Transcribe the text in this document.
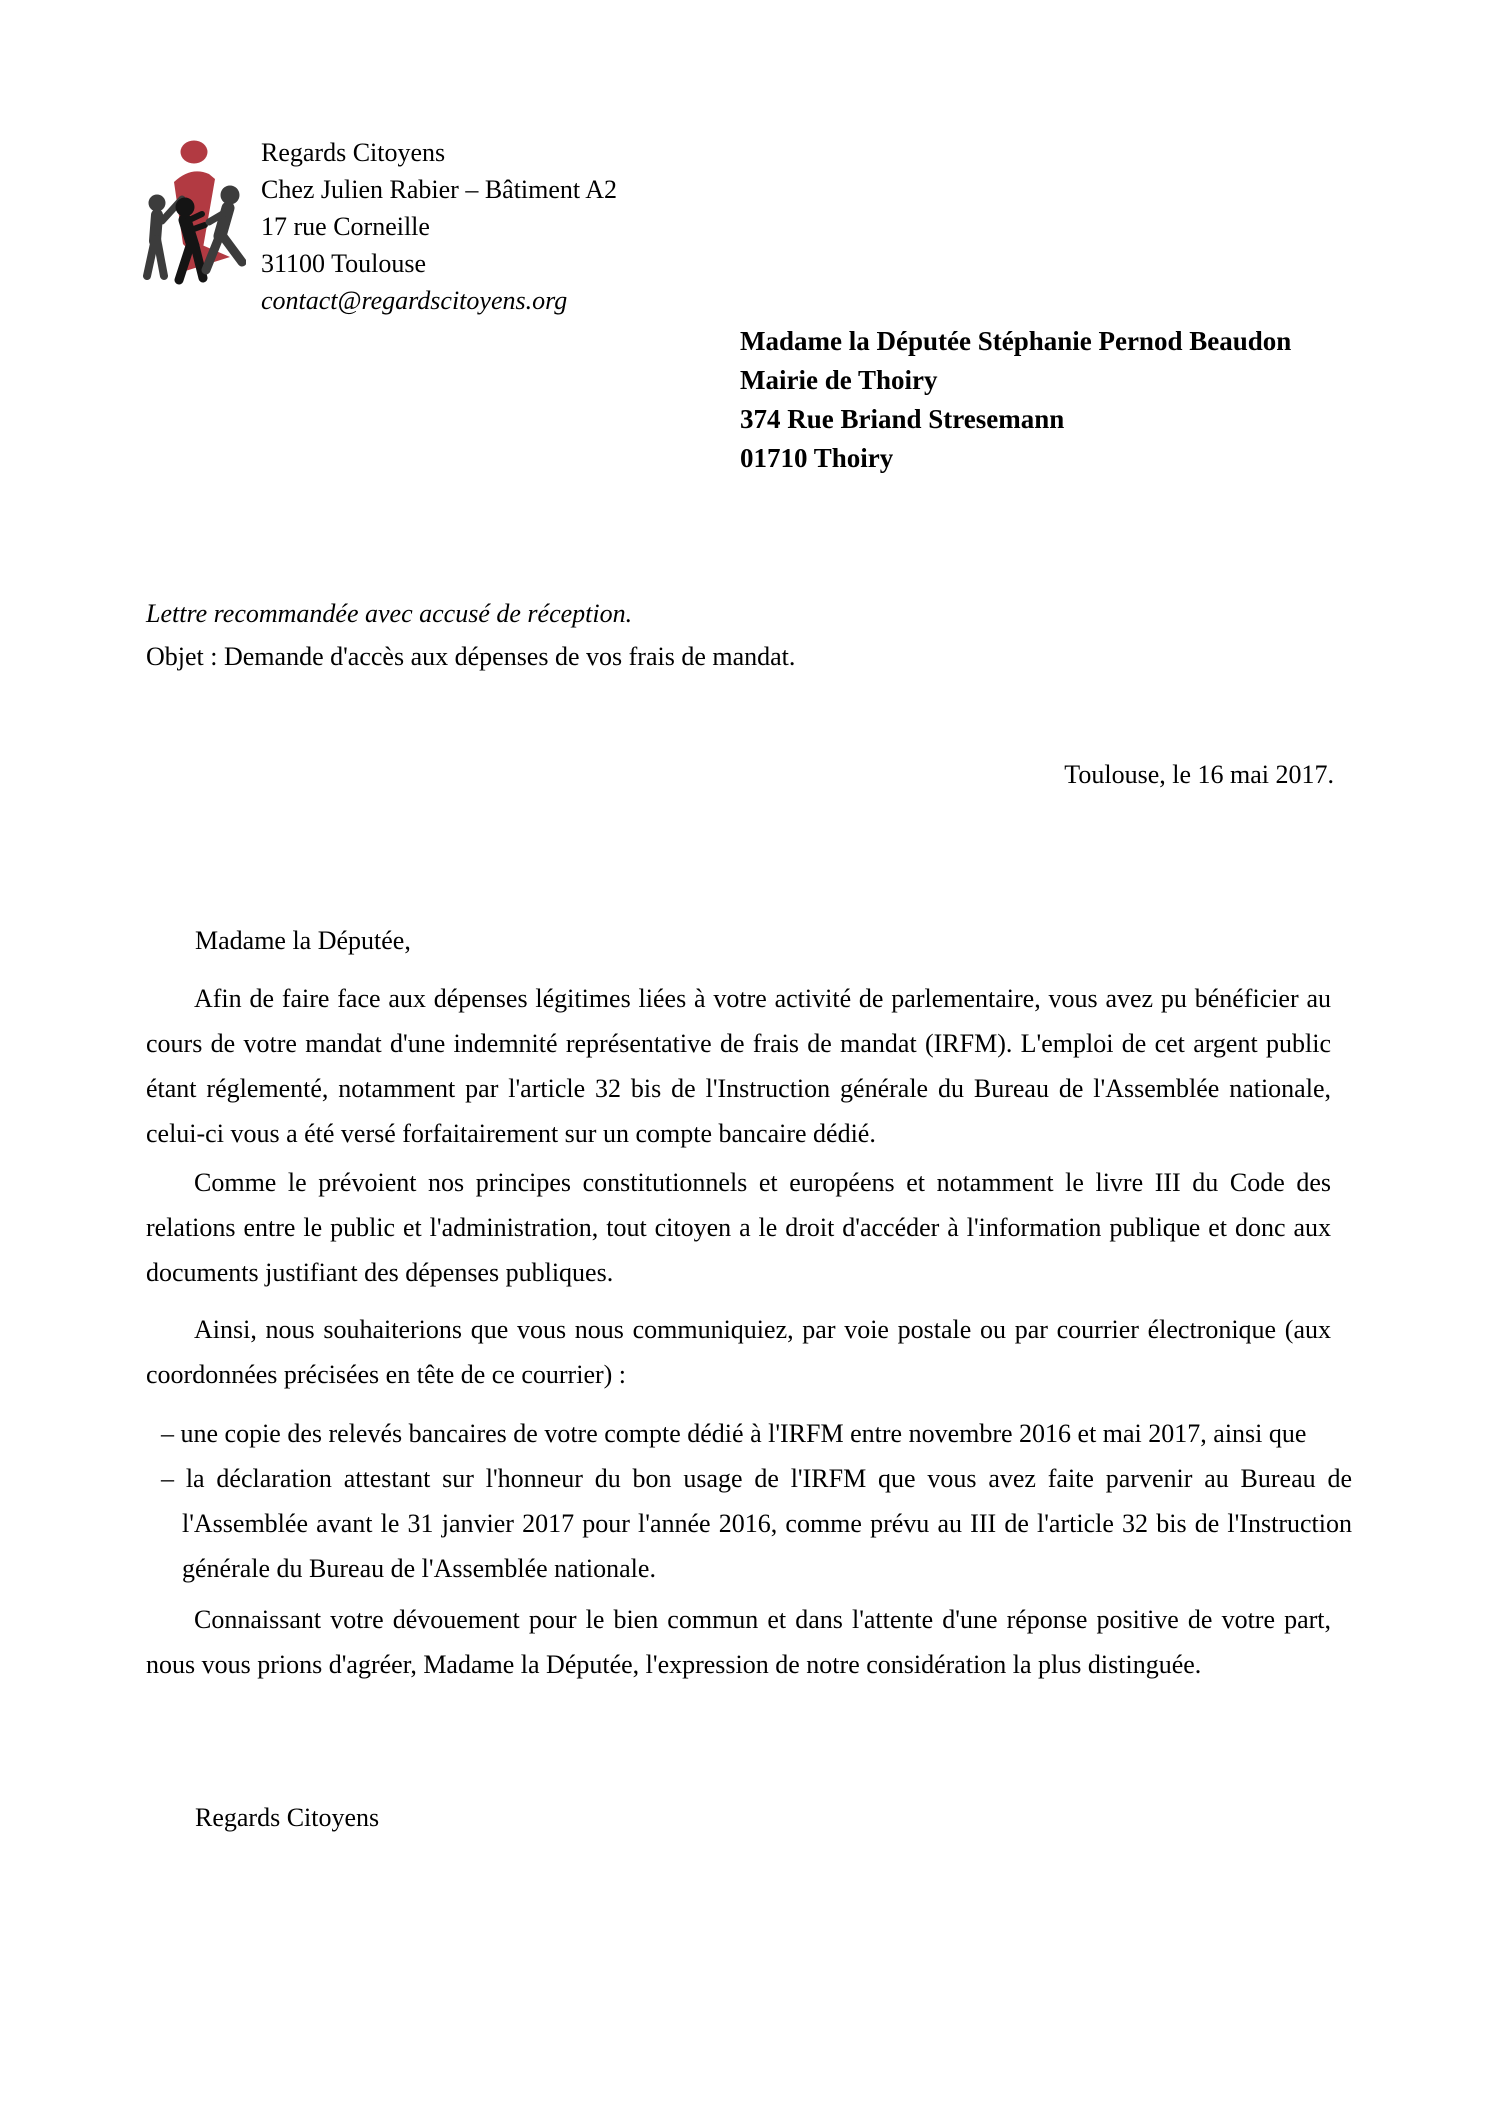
Regards Citoyens
Chez Julien Rabier – Bâtiment A2
17 rue Corneille
31100 Toulouse
contact@regardscitoyens.org
Madame la Députée Stéphanie Pernod Beaudon
Mairie de Thoiry
374 Rue Briand Stresemann
01710 Thoiry
Lettre recommandée avec accusé de réception.
Objet : Demande d'accès aux dépenses de vos frais de mandat.
Toulouse, le 16 mai 2017.
Madame la Députée,
Afin de faire face aux dépenses légitimes liées à votre activité de parlementaire, vous avez pu bénéficier au cours de votre mandat d'une indemnité représentative de frais de mandat (IRFM). L'emploi de cet argent public étant réglementé, notamment par l'article 32 bis de l'Instruction générale du Bureau de l'Assemblée nationale, celui-ci vous a été versé forfaitairement sur un compte bancaire dédié.
Comme le prévoient nos principes constitutionnels et européens et notamment le livre III du Code des relations entre le public et l'administration, tout citoyen a le droit d'accéder à l'information publique et donc aux documents justifiant des dépenses publiques.
Ainsi, nous souhaiterions que vous nous communiquiez, par voie postale ou par courrier électronique (aux coordonnées précisées en tête de ce courrier) :
– une copie des relevés bancaires de votre compte dédié à l'IRFM entre novembre 2016 et mai 2017, ainsi que
– la déclaration attestant sur l'honneur du bon usage de l'IRFM que vous avez faite parvenir au Bureau de l'Assemblée avant le 31 janvier 2017 pour l'année 2016, comme prévu au III de l'article 32 bis de l'Instruction générale du Bureau de l'Assemblée nationale.
Connaissant votre dévouement pour le bien commun et dans l'attente d'une réponse positive de votre part, nous vous prions d'agréer, Madame la Députée, l'expression de notre considération la plus distinguée.
Regards Citoyens
